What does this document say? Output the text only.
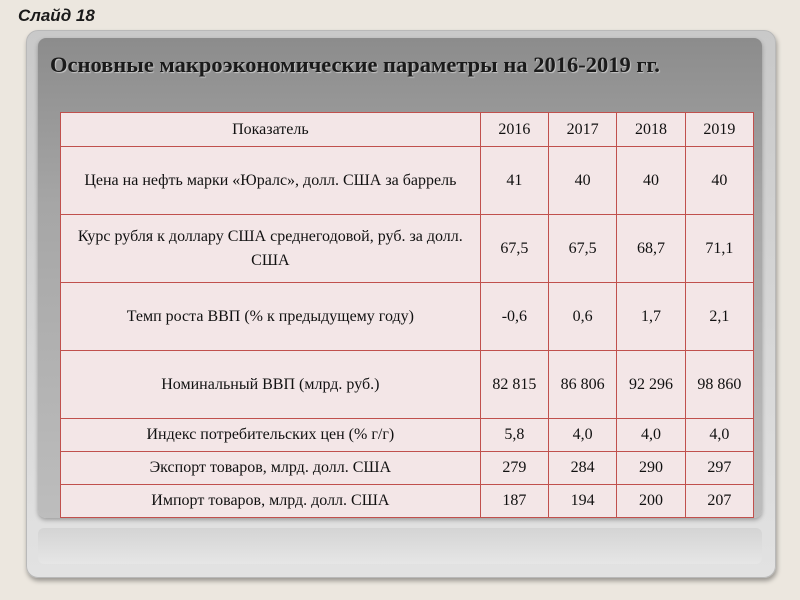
Слайд 18
Основные макроэкономические параметры на 2016-2019 гг.
Показатель	2016	2017	2018	2019
Цена на нефть марки «Юралс», долл. США за баррель	41	40	40	40
Курс рубля к доллару США среднегодовой, руб. за долл. США	67,5	67,5	68,7	71,1
Темп роста ВВП (% к предыдущему году)	-0,6	0,6	1,7	2,1
Номинальный ВВП (млрд. руб.)	82 815	86 806	92 296	98 860
Индекс потребительских цен (% г/г)	5,8	4,0	4,0	4,0
Экспорт товаров, млрд. долл. США	279	284	290	297
Импорт товаров, млрд. долл. США	187	194	200	207
